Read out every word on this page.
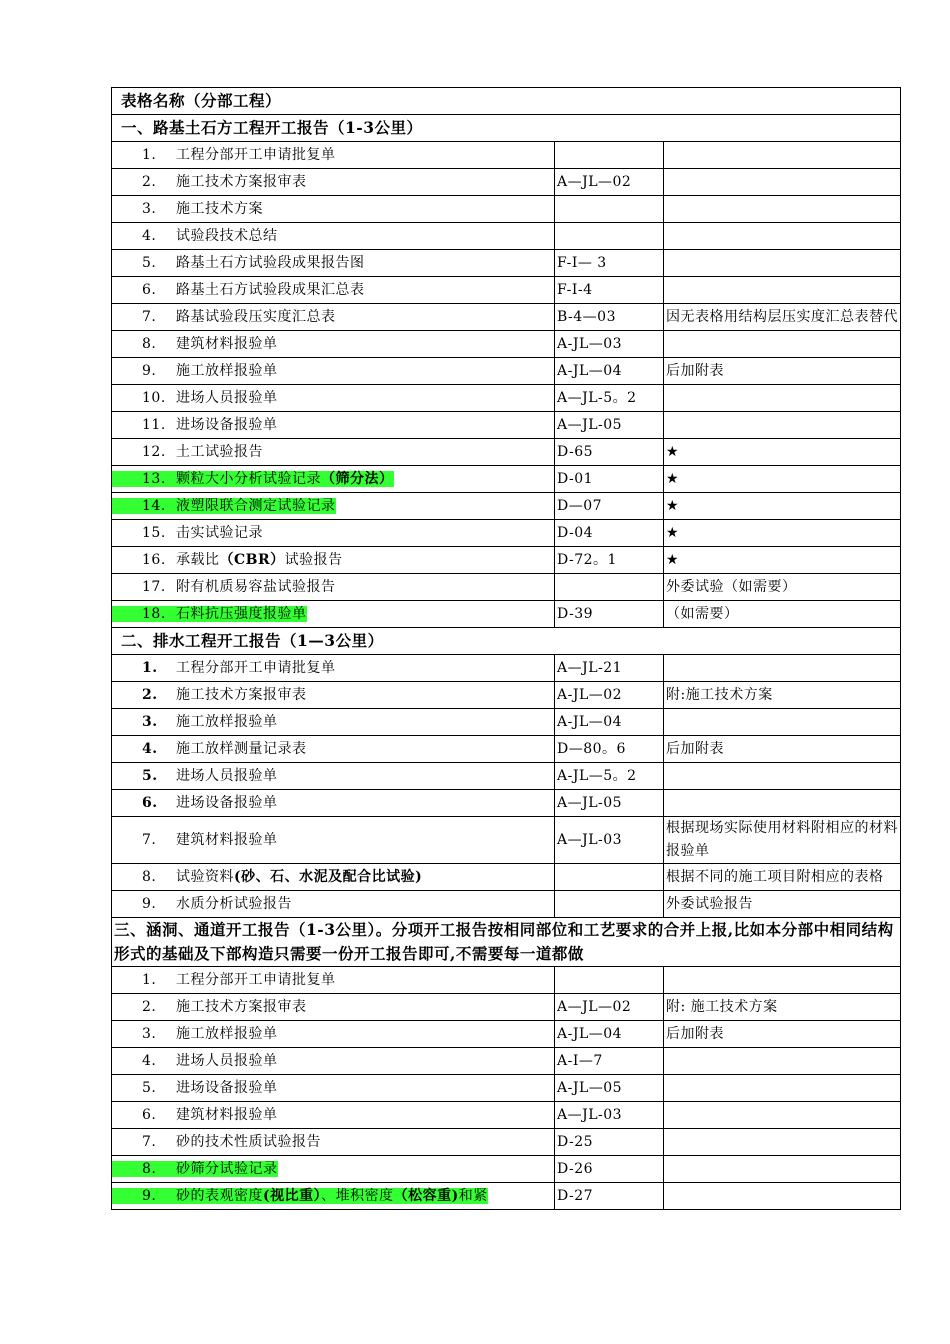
表格名称（分部工程）		
一、路基土石方工程开工报告（1-3公里）		
1. 工程分部开工申请批复单		
2. 施工技术方案报审表	A—JL—02	
3. 施工技术方案		
4. 试验段技术总结		
5. 路基土石方试验段成果报告图	F-Ⅰ— 3	
6. 路基土石方试验段成果汇总表	F-Ⅰ-4	
7. 路基试验段压实度汇总表	B-4—03	因无表格用结构层压实度汇总表替代
8. 建筑材料报验单	A-JL—03	
9. 施工放样报验单	A-JL—04	后加附表
10. 进场人员报验单	A—JL-5。2	
11. 进场设备报验单	A—JL-05	
12. 土工试验报告	D-65	★
13. 颗粒大小分析试验记录（筛分法）	D-01	★
14. 液塑限联合测定试验记录	D—07	★
15. 击实试验记录	D-04	★
16. 承载比（CBR）试验报告	D-72。1	★
17. 附有机质易容盐试验报告		外委试验（如需要）
18. 石料抗压强度报验单	D-39	（如需要）
二、排水工程开工报告（1—3公里）		
1. 工程分部开工申请批复单	A—JL-21	
2. 施工技术方案报审表	A-JL—02	附:施工技术方案
3. 施工放样报验单	A-JL—04	
4. 施工放样测量记录表	D—80。6	后加附表
5. 进场人员报验单	A-JL—5。2	
6. 进场设备报验单	A—JL-05	
7. 建筑材料报验单	A—JL-03	根据现场实际使用材料附相应的材料报验单
8. 试验资料(砂、石、水泥及配合比试验)		根据不同的施工项目附相应的表格
9. 水质分析试验报告		外委试验报告
三、涵洞、通道开工报告（1-3公里）。分项开工报告按相同部位和工艺要求的合并上报,比如本分部中相同结构形式的基础及下部构造只需要一份开工报告即可,不需要每一道都做		
1. 工程分部开工申请批复单		
2. 施工技术方案报审表	A—JL—02	附: 施工技术方案
3. 施工放样报验单	A-JL—04	后加附表
4. 进场人员报验单	A-Ⅰ—7	
5. 进场设备报验单	A-JL—05	
6. 建筑材料报验单	A—JL-03	
7. 砂的技术性质试验报告	D-25	
8. 砂筛分试验记录	D-26	
9. 砂的表观密度(视比重）、堆积密度（松容重)和紧	D-27	
